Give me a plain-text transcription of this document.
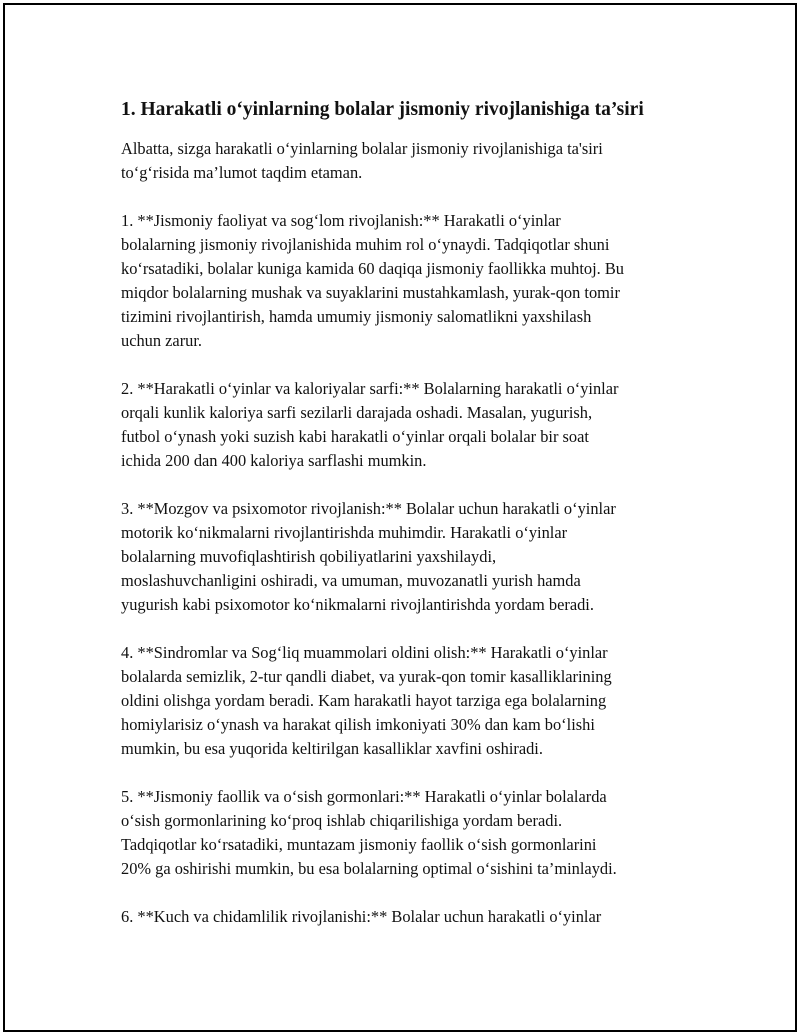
1. Harakatli o‘yinlarning bolalar jismoniy rivojlanishiga ta’siri

Albatta, sizga harakatli o‘yinlarning bolalar jismoniy rivojlanishiga ta'siri
to‘g‘risida ma’lumot taqdim etaman.

1. **Jismoniy faoliyat va sog‘lom rivojlanish:** Harakatli o‘yinlar
bolalarning jismoniy rivojlanishida muhim rol o‘ynaydi. Tadqiqotlar shuni
ko‘rsatadiki, bolalar kuniga kamida 60 daqiqa jismoniy faollikka muhtoj. Bu
miqdor bolalarning mushak va suyaklarini mustahkamlash, yurak-qon tomir
tizimini rivojlantirish, hamda umumiy jismoniy salomatlikni yaxshilash
uchun zarur.

2. **Harakatli o‘yinlar va kaloriyalar sarfi:** Bolalarning harakatli o‘yinlar
orqali kunlik kaloriya sarfi sezilarli darajada oshadi. Masalan, yugurish,
futbol o‘ynash yoki suzish kabi harakatli o‘yinlar orqali bolalar bir soat
ichida 200 dan 400 kaloriya sarflashi mumkin.

3. **Mozgov va psixomotor rivojlanish:** Bolalar uchun harakatli o‘yinlar
motorik ko‘nikmalarni rivojlantirishda muhimdir. Harakatli o‘yinlar
bolalarning muvofiqlashtirish qobiliyatlarini yaxshilaydi,
moslashuvchanligini oshiradi, va umuman, muvozanatli yurish hamda
yugurish kabi psixomotor ko‘nikmalarni rivojlantirishda yordam beradi.

4. **Sindromlar va Sog‘liq muammolari oldini olish:** Harakatli o‘yinlar
bolalarda semizlik, 2-tur qandli diabet, va yurak-qon tomir kasalliklarining
oldini olishga yordam beradi. Kam harakatli hayot tarziga ega bolalarning
homiylarisiz o‘ynash va harakat qilish imkoniyati 30% dan kam bo‘lishi
mumkin, bu esa yuqorida keltirilgan kasalliklar xavfini oshiradi.

5. **Jismoniy faollik va o‘sish gormonlari:** Harakatli o‘yinlar bolalarda
o‘sish gormonlarining ko‘proq ishlab chiqarilishiga yordam beradi.
Tadqiqotlar ko‘rsatadiki, muntazam jismoniy faollik o‘sish gormonlarini
20% ga oshirishi mumkin, bu esa bolalarning optimal o‘sishini ta’minlaydi.

6. **Kuch va chidamlilik rivojlanishi:** Bolalar uchun harakatli o‘yinlar
